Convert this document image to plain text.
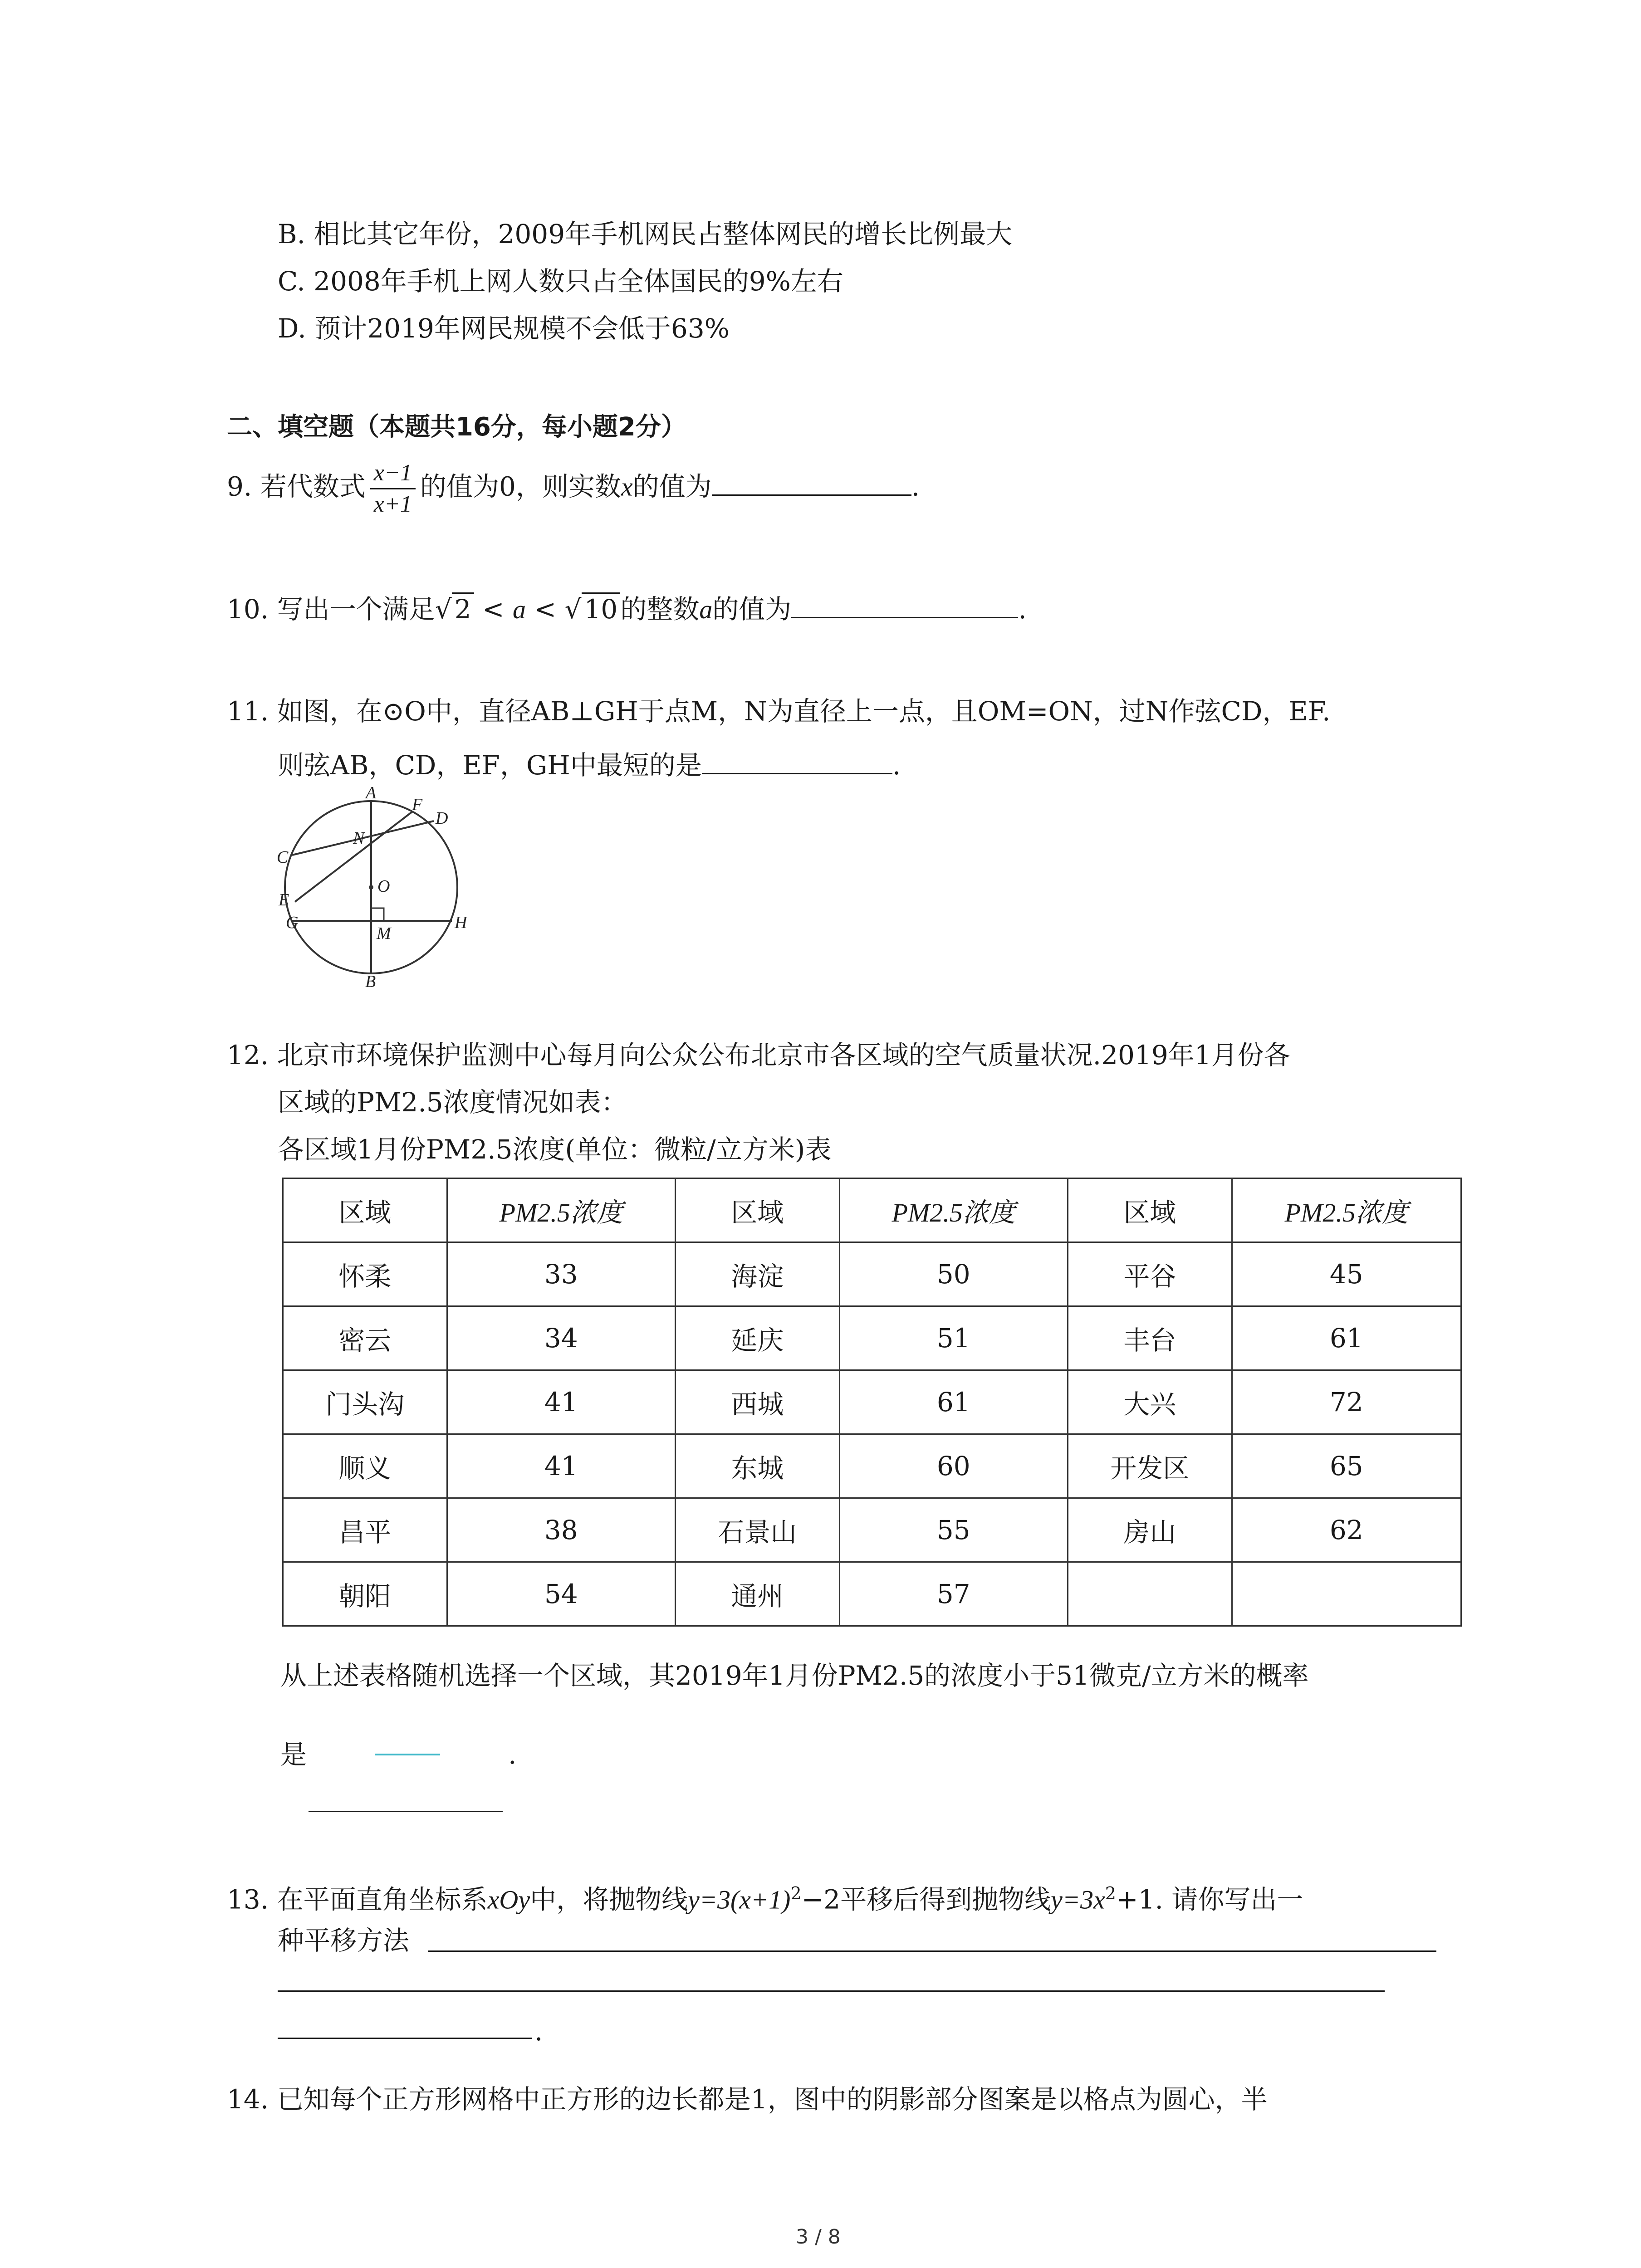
B. 相比其它年份，2009年手机网民占整体网民的增长比例最大
C. 2008年手机上网人数只占全体国民的9%左右
D. 预计2019年网民规模不会低于63%
二、填空题（本题共16分，每小题2分）
9. 若代数式 $\frac{x-1}{x+1}$ 的值为0，则实数x的值为	.
10. 写出一个满足√ 2 < a < √ 10 的整数a的值为	.
11. 如图，在⊙O中，直径AB⊥GH于点M，N为直径上一点，且OM=ON，过N作弦CD，EF.
则弦AB，CD，EF，GH中最短的是	.
A
B
C
D
E
F
G	H
M
N
O
12. 北京市环境保护监测中心每月向公众公布北京市各区域的空气质量状况.2019年1月份各
区域的PM2.5浓度情况如表：
各区域1月份PM2.5浓度(单位：微粒/立方米)表
区域	PM2.5浓度	区域	PM2.5浓度	区域	PM2.5浓度
怀柔	33	海淀	50	平谷	45
密云	34	延庆	51	丰台	61
门头沟	41	西城	61	大兴	72
顺义	41	东城	60	开发区	65
昌平	38	石景山	55	房山	62
朝阳	54	通州	57		
从上述表格随机选择一个区域，其2019年1月份PM2.5的浓度小于51微克/立方米的概率
是	.
13. 在平面直角坐标系xOy中，将抛物线$y=3(x+1)^2-2$平移后得到抛物线$y=3x^2+1$. 请你写出一
种平移方法
.
14. 已知每个正方形网格中正方形的边长都是1，图中的阴影部分图案是以格点为圆心，半
3 / 8
